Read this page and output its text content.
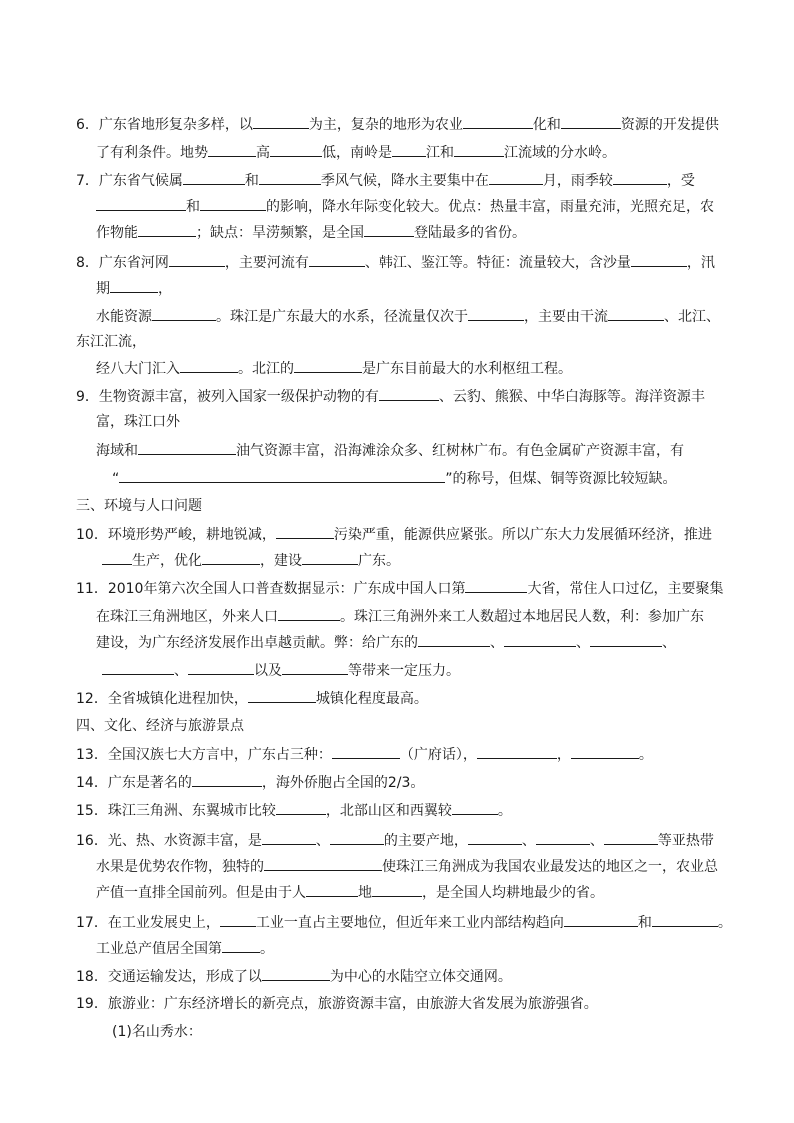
6．广东省地形复杂多样，以	为主，复杂的地形为农业	化和	资源的开发提供
了有利条件。地势	高	低，南岭是 江和	江流域的分水岭。
7．广东省气候属	和	季风气候，降水主要集中在	月，雨季较	，受
和	的影响，降水年际变化较大。优点：热量丰富，雨量充沛，光照充足，农
作物能	；缺点：旱涝频繁，是全国	登陆最多的省份。
8．广东省河网	，主要河流有	、韩江、鉴江等。特征：流量较大，含沙量	，汛
期	，
水能资源	。珠江是广东最大的水系，径流量仅次于	，主要由干流	、北江、
东江汇流，
经八大门汇入	。北江的	是广东目前最大的水利枢纽工程。
9．生物资源丰富，被列入国家一级保护动物的有	、云豹、熊猴、中华白海豚等。海洋资源丰
富，珠江口外
海域和	油气资源丰富，沿海滩涂众多、红树林广布。有色金属矿产资源丰富，有
“	”的称号，但煤、铜等资源比较短缺。
三、环境与人口问题
10．环境形势严峻，耕地锐减，	污染严重，能源供应紧张。所以广东大力发展循环经济，推进
生产，优化	，建设	广东。
11．2010年第六次全国人口普查数据显示：广东成中国人口第	大省，常住人口过亿，主要聚集
在珠江三角洲地区，外来人口	。珠江三角洲外来工人数超过本地居民人数，利：参加广东
建设，为广东经济发展作出卓越贡献。弊：给广东的	、	、	、
、	以及	等带来一定压力。
12．全省城镇化进程加快，	城镇化程度最高。
四、文化、经济与旅游景点
13．全国汉族七大方言中，广东占三种：	（广府话），	，	。
14．广东是著名的	，海外侨胞占全国的2/3。
15．珠江三角洲、东翼城市比较	，北部山区和西翼较	。
16．光、热、水资源丰富，是	、	的主要产地，	、	、	等亚热带
水果是优势农作物，独特的	使珠江三角洲成为我国农业最发达的地区之一，农业总
产值一直排全国前列。但是由于人	地	，是全国人均耕地最少的省。
17．在工业发展史上，	工业一直占主要地位，但近年来工业内部结构趋向	和	。
工业总产值居全国第	。
18．交通运输发达，形成了以	为中心的水陆空立体交通网。
19．旅游业：广东经济增长的新亮点，旅游资源丰富，由旅游大省发展为旅游强省。
(1)名山秀水：
